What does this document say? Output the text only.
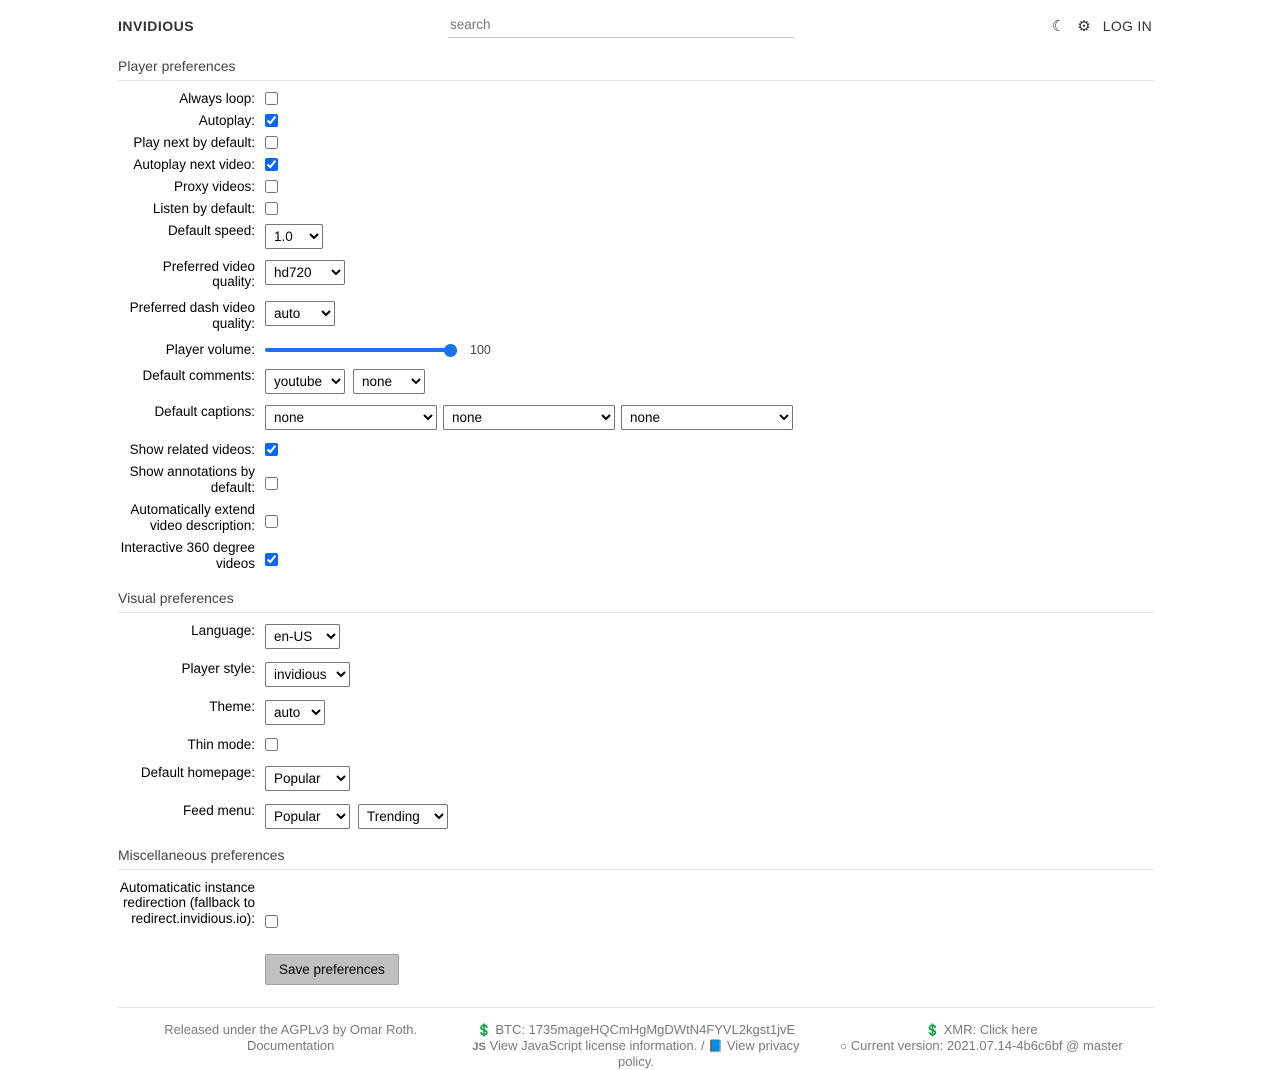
INVIDIOUS
search	☾ ⚙ LOG IN
Player preferences
Always loop:
Autoplay:
Play next by default:
Autoplay next video:
Proxy videos:
Listen by default:
Default speed:
1.0
Preferred video quality:
hd720
Preferred dash video quality:
auto
Player volume:	100
Default comments:
youtube
none
Default captions:
none
none
none
Show related videos:
Show annotations by default:
Automatically extend video description:
Interactive 360 degree videos
Visual preferences
Language:
en-US
Player style:
invidious
Theme:
auto
Thin mode:
Default homepage:
Popular
Feed menu:
Popular
Trending
Miscellaneous preferences
Automaticatic instance redirection (fallback to redirect.invidious.io):
Save preferences
Released under the AGPLv3 by Omar Roth.
Documentation
💲 BTC: 1735mageHQCmHgMgDWtN4FYVL2kgst1jvE
JS View JavaScript license information. / 📘 View privacy policy.
💲 XMR: Click here
○ Current version: 2021.07.14-4b6c6bf @ master
